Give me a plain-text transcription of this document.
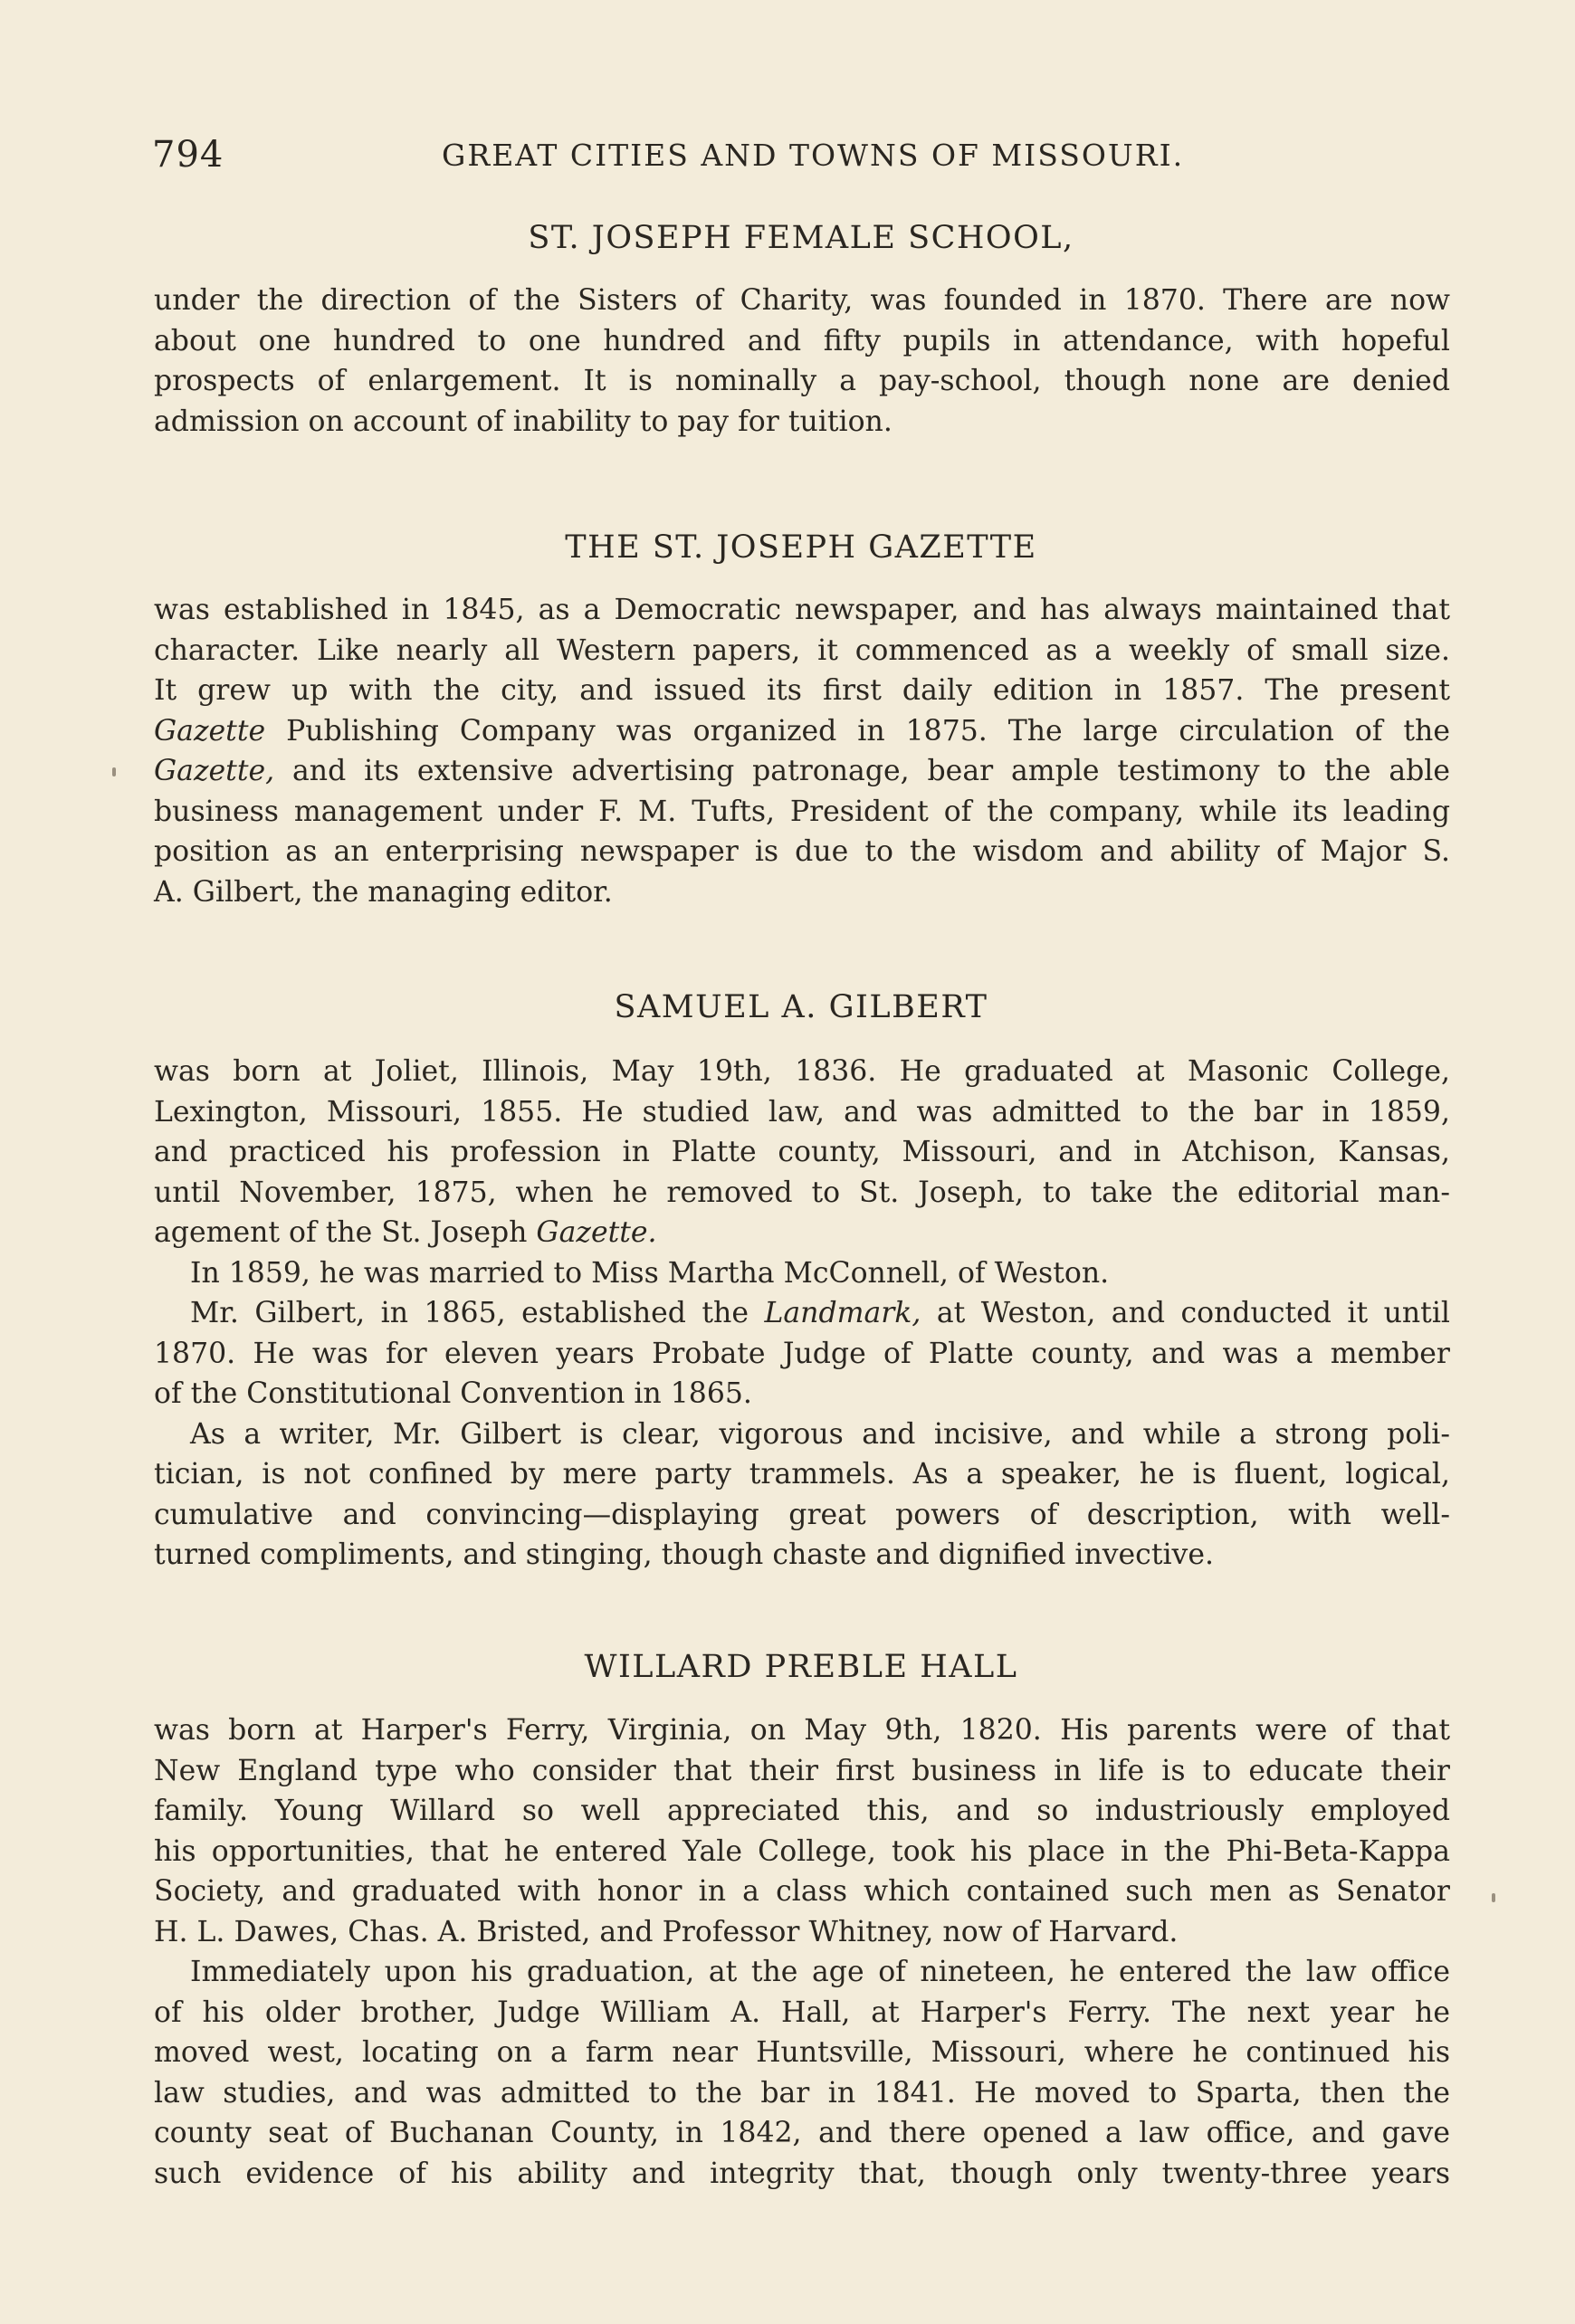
794	GREAT CITIES AND TOWNS OF MISSOURI.
ST. JOSEPH FEMALE SCHOOL,
under the direction of the Sisters of Charity, was founded in 1870. There are now
about one hundred to one hundred and fifty pupils in attendance, with hopeful
prospects of enlargement. It is nominally a pay-school, though none are denied
admission on account of inability to pay for tuition.
THE ST. JOSEPH GAZETTE
was established in 1845, as a Democratic newspaper, and has always maintained that
character. Like nearly all Western papers, it commenced as a weekly of small size.
It grew up with the city, and issued its first daily edition in 1857. The present
Gazette Publishing Company was organized in 1875. The large circulation of the
Gazette, and its extensive advertising patronage, bear ample testimony to the able
business management under F. M. Tufts, President of the company, while its leading
position as an enterprising newspaper is due to the wisdom and ability of Major S.
A. Gilbert, the managing editor.
SAMUEL A. GILBERT
was born at Joliet, Illinois, May 19th, 1836. He graduated at Masonic College,
Lexington, Missouri, 1855. He studied law, and was admitted to the bar in 1859,
and practiced his profession in Platte county, Missouri, and in Atchison, Kansas,
until November, 1875, when he removed to St. Joseph, to take the editorial man-
agement of the St. Joseph Gazette.
In 1859, he was married to Miss Martha McConnell, of Weston.
Mr. Gilbert, in 1865, established the Landmark, at Weston, and conducted it until
1870. He was for eleven years Probate Judge of Platte county, and was a member
of the Constitutional Convention in 1865.
As a writer, Mr. Gilbert is clear, vigorous and incisive, and while a strong poli-
tician, is not confined by mere party trammels. As a speaker, he is fluent, logical,
cumulative and convincing—displaying great powers of description, with well-
turned compliments, and stinging, though chaste and dignified invective.
WILLARD PREBLE HALL
was born at Harper's Ferry, Virginia, on May 9th, 1820. His parents were of that
New England type who consider that their first business in life is to educate their
family. Young Willard so well appreciated this, and so industriously employed
his opportunities, that he entered Yale College, took his place in the Phi-Beta-Kappa
Society, and graduated with honor in a class which contained such men as Senator
H. L. Dawes, Chas. A. Bristed, and Professor Whitney, now of Harvard.
Immediately upon his graduation, at the age of nineteen, he entered the law office
of his older brother, Judge William A. Hall, at Harper's Ferry. The next year he
moved west, locating on a farm near Huntsville, Missouri, where he continued his
law studies, and was admitted to the bar in 1841. He moved to Sparta, then the
county seat of Buchanan County, in 1842, and there opened a law office, and gave
such evidence of his ability and integrity that, though only twenty-three years
